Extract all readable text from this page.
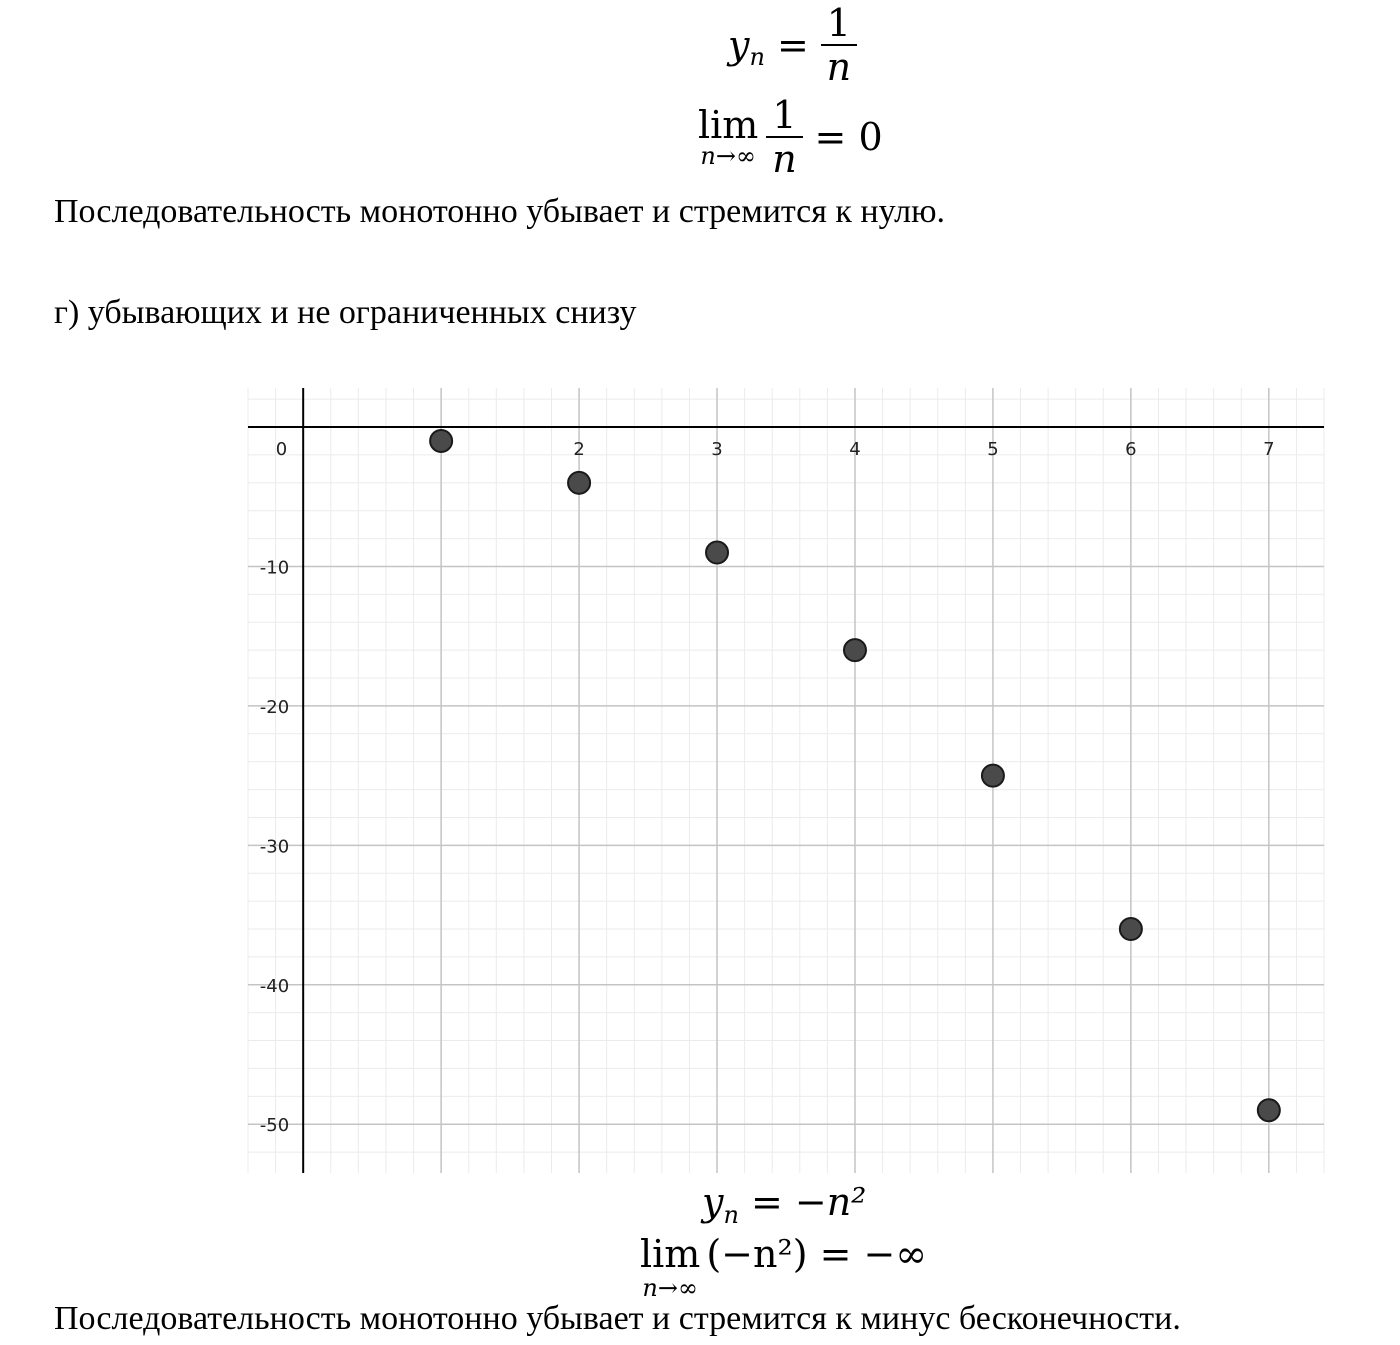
y $n = \frac{1}{n}$
lim
$n\to\infty \frac{1}{n} = 0$
Последовательность монотонно убывает и стремится к нулю.
г) убывающих и не ограниченных снизу
2	3	4	5	6	7
0
-10
-20
-30
-40
-50
y n = −n²
lim
n→∞
(−n²) = −∞
Последовательность монотонно убывает и стремится к минус бесконечности.
